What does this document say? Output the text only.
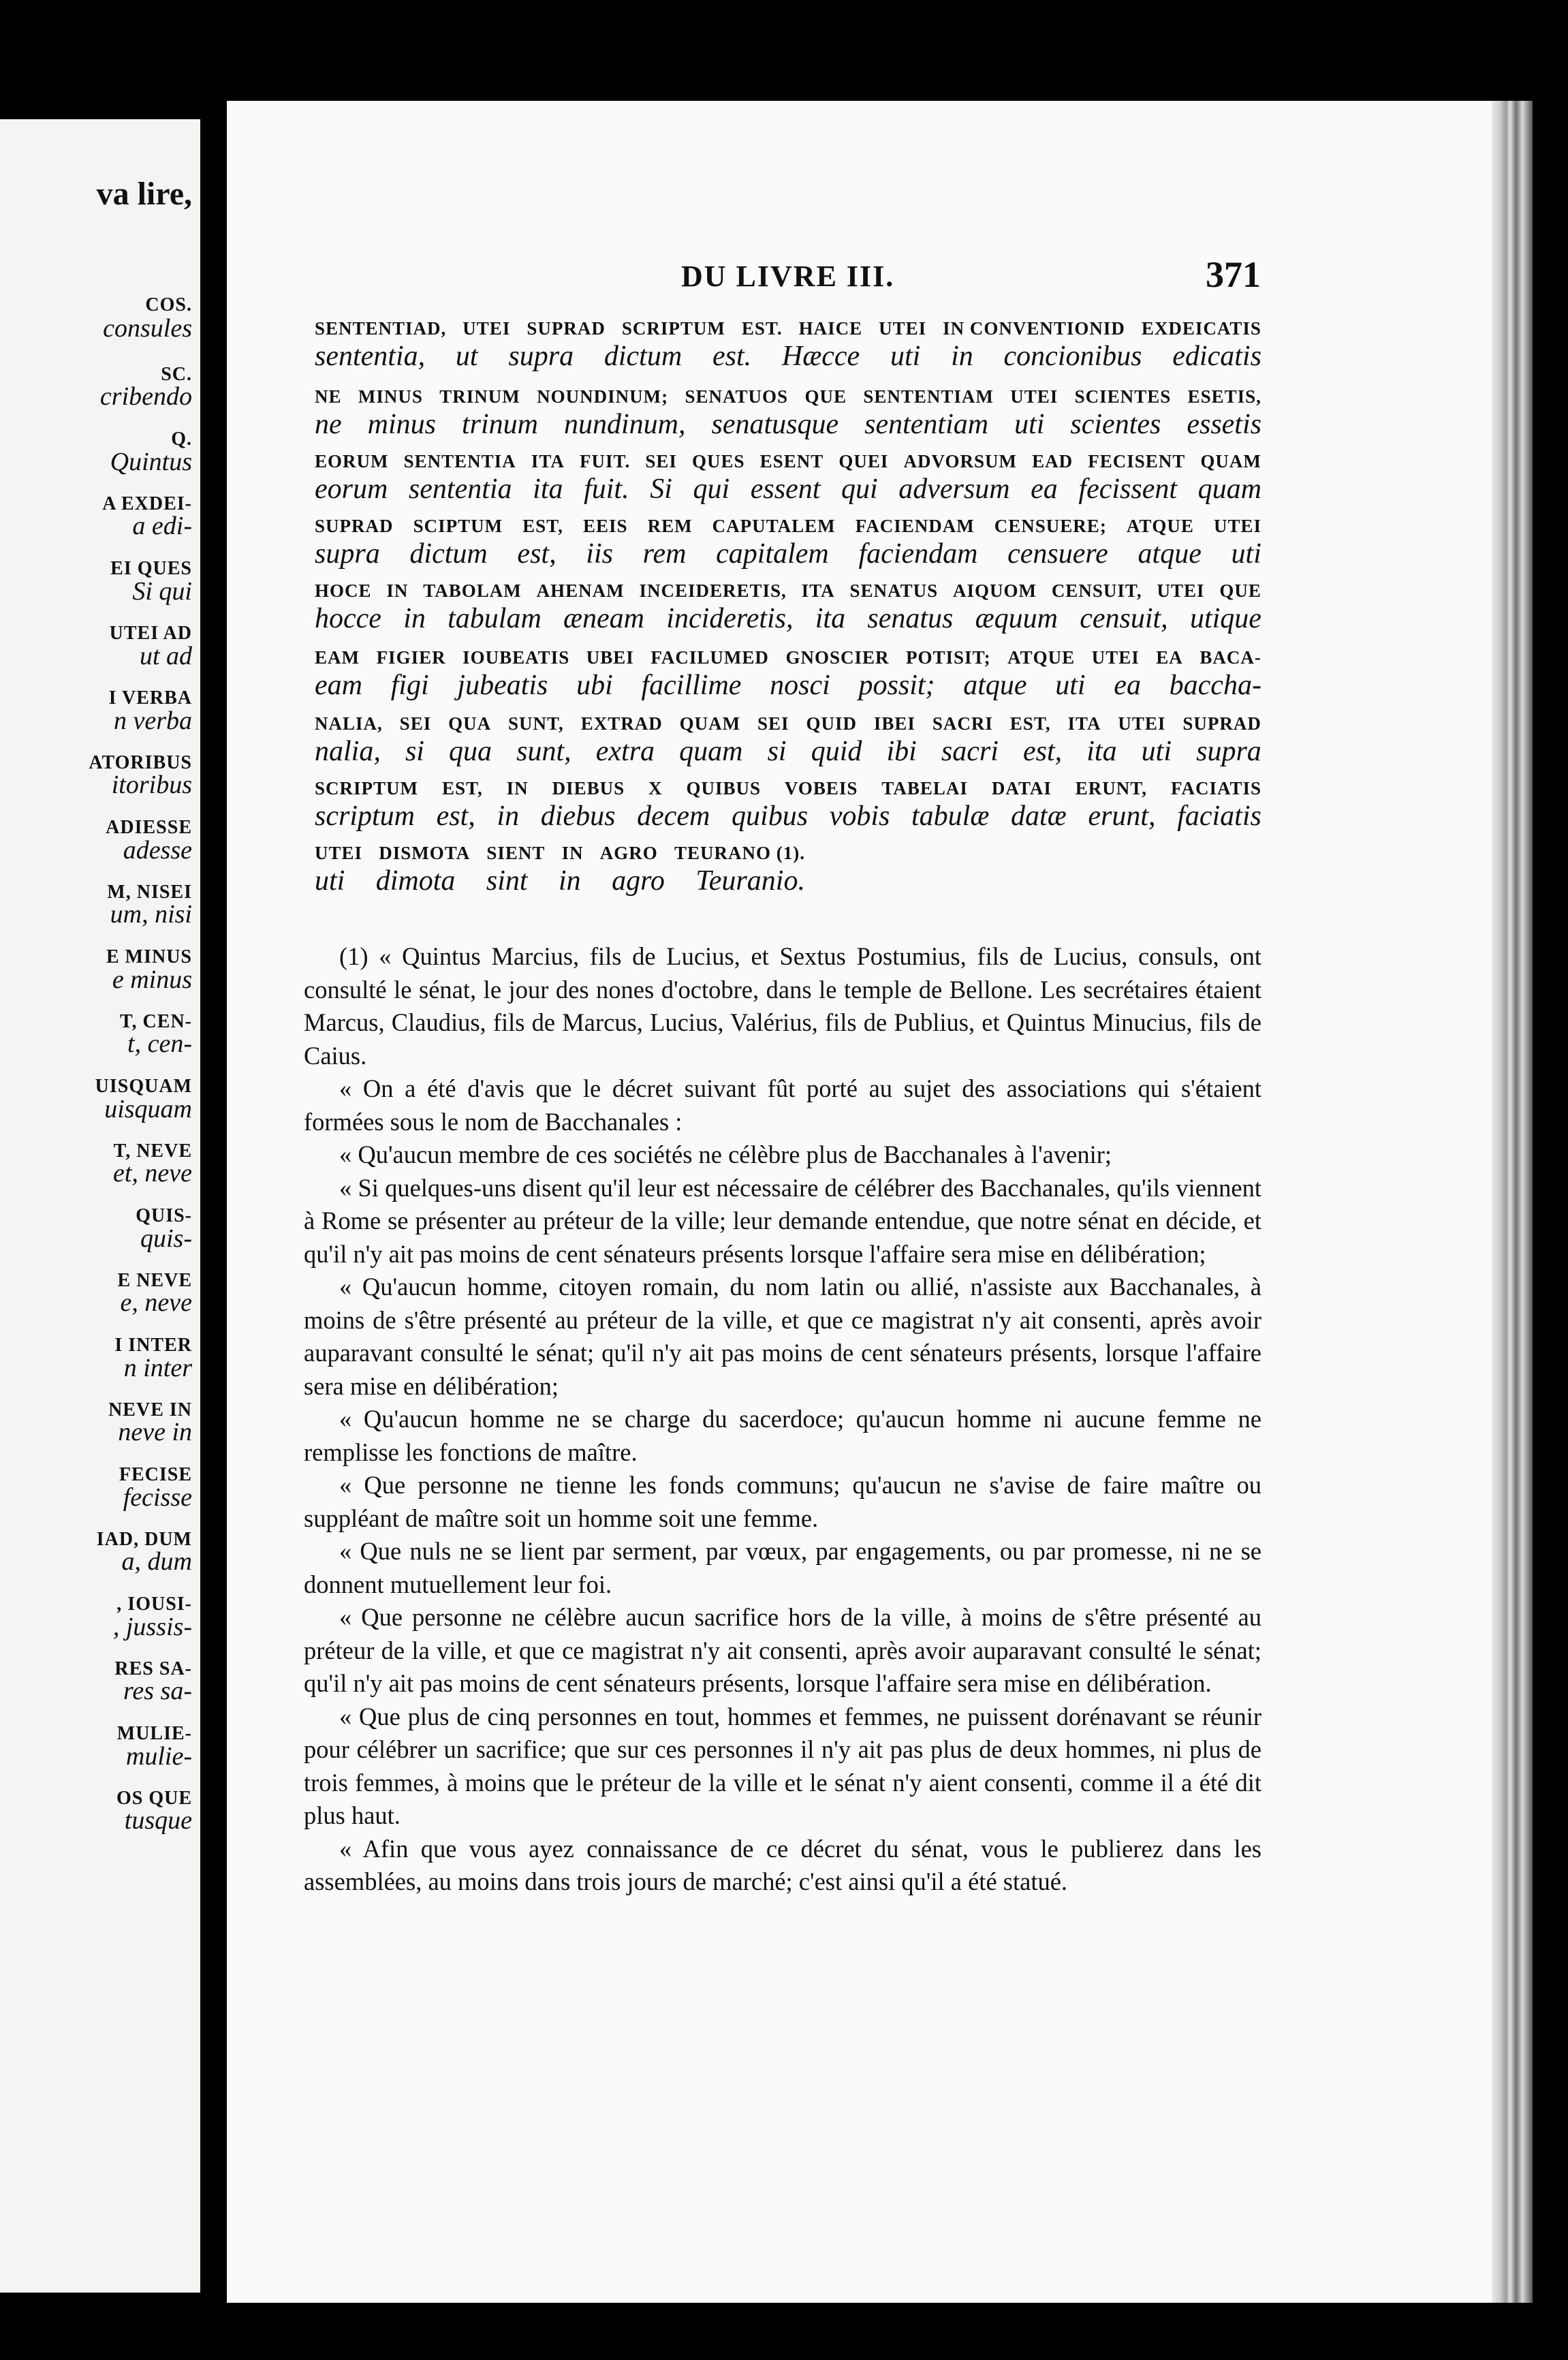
va lire,
COS.
consules
SC.
cribendo
Q.
Quintus
A EXDEI-
a edi-
EI QUES
Si qui
UTEI AD
ut ad
I VERBA
n verba
ATORIBUS
itoribus
ADIESSE
adesse
M, NISEI
um, nisi
E MINUS
e minus
T, CEN-
t, cen-
UISQUAM
uisquam
T, NEVE
et, neve
QUIS-
quis-
E NEVE
e, neve
I INTER
n inter
NEVE IN
neve in
FECISE
fecisse
IAD, DUM
a, dum
, IOUSI-
, jussis-
RES SA-
res sa-
MULIE-
mulie-
OS QUE
tusque
DU LIVRE III.	371
SENTENTIAD, UTEI SUPRAD SCRIPTUM EST. HAICE UTEI IN CONVENTIONID EXDEICATIS
sententia, ut supra dictum est. Hæcce uti in concionibus edicatis
NE MINUS TRINUM NOUNDINUM; SENATUOS QUE SENTENTIAM UTEI SCIENTES ESETIS,
ne minus trinum nundinum, senatusque sententiam uti scientes essetis
EORUM SENTENTIA ITA FUIT. SEI QUES ESENT QUEI ADVORSUM EAD FECISENT QUAM
eorum sententia ita fuit. Si qui essent qui adversum ea fecissent quam
SUPRAD SCIPTUM EST, EEIS REM CAPUTALEM FACIENDAM CENSUERE; ATQUE UTEI
supra dictum est, iis rem capitalem faciendam censuere atque uti
HOCE IN TABOLAM AHENAM INCEIDERETIS, ITA SENATUS AIQUOM CENSUIT, UTEI QUE
hocce in tabulam æneam incideretis, ita senatus æquum censuit, utique
EAM FIGIER IOUBEATIS UBEI FACILUMED GNOSCIER POTISIT; ATQUE UTEI EA BACA-
eam figi jubeatis ubi facillime nosci possit; atque uti ea baccha-
NALIA, SEI QUA SUNT, EXTRAD QUAM SEI QUID IBEI SACRI EST, ITA UTEI SUPRAD
nalia, si qua sunt, extra quam si quid ibi sacri est, ita uti supra
SCRIPTUM EST, IN DIEBUS X QUIBUS VOBEIS TABELAI DATAI ERUNT, FACIATIS
scriptum est, in diebus decem quibus vobis tabulæ datæ erunt, faciatis
UTEI DISMOTA SIENT IN AGRO TEURANO (1).
uti dimota sint in agro Teuranio.

(1) « Quintus Marcius, fils de Lucius, et Sextus Postumius, fils de Lucius, consuls, ont consulté le sénat, le jour des nones d'octobre, dans le temple de Bellone. Les secrétaires étaient Marcus, Claudius, fils de Marcus, Lucius, Valérius, fils de Publius, et Quintus Minucius, fils de Caius.

« On a été d'avis que le décret suivant fût porté au sujet des associations qui s'étaient formées sous le nom de Bacchanales :

« Qu'aucun membre de ces sociétés ne célèbre plus de Bacchanales à l'avenir;

« Si quelques-uns disent qu'il leur est nécessaire de célébrer des Bacchanales, qu'ils viennent à Rome se présenter au préteur de la ville; leur demande entendue, que notre sénat en décide, et qu'il n'y ait pas moins de cent sénateurs présents lorsque l'affaire sera mise en délibération;

« Qu'aucun homme, citoyen romain, du nom latin ou allié, n'assiste aux Bacchanales, à moins de s'être présenté au préteur de la ville, et que ce magistrat n'y ait consenti, après avoir auparavant consulté le sénat; qu'il n'y ait pas moins de cent sénateurs présents, lorsque l'affaire sera mise en délibération;

« Qu'aucun homme ne se charge du sacerdoce; qu'aucun homme ni aucune femme ne remplisse les fonctions de maître.

« Que personne ne tienne les fonds communs; qu'aucun ne s'avise de faire maître ou suppléant de maître soit un homme soit une femme.

« Que nuls ne se lient par serment, par vœux, par engagements, ou par promesse, ni ne se donnent mutuellement leur foi.

« Que personne ne célèbre aucun sacrifice hors de la ville, à moins de s'être présenté au préteur de la ville, et que ce magistrat n'y ait consenti, après avoir auparavant consulté le sénat; qu'il n'y ait pas moins de cent sénateurs présents, lorsque l'affaire sera mise en délibération.

« Que plus de cinq personnes en tout, hommes et femmes, ne puissent dorénavant se réunir pour célébrer un sacrifice; que sur ces personnes il n'y ait pas plus de deux hommes, ni plus de trois femmes, à moins que le préteur de la ville et le sénat n'y aient consenti, comme il a été dit plus haut.

« Afin que vous ayez connaissance de ce décret du sénat, vous le publierez dans les assemblées, au moins dans trois jours de marché; c'est ainsi qu'il a été statué.
